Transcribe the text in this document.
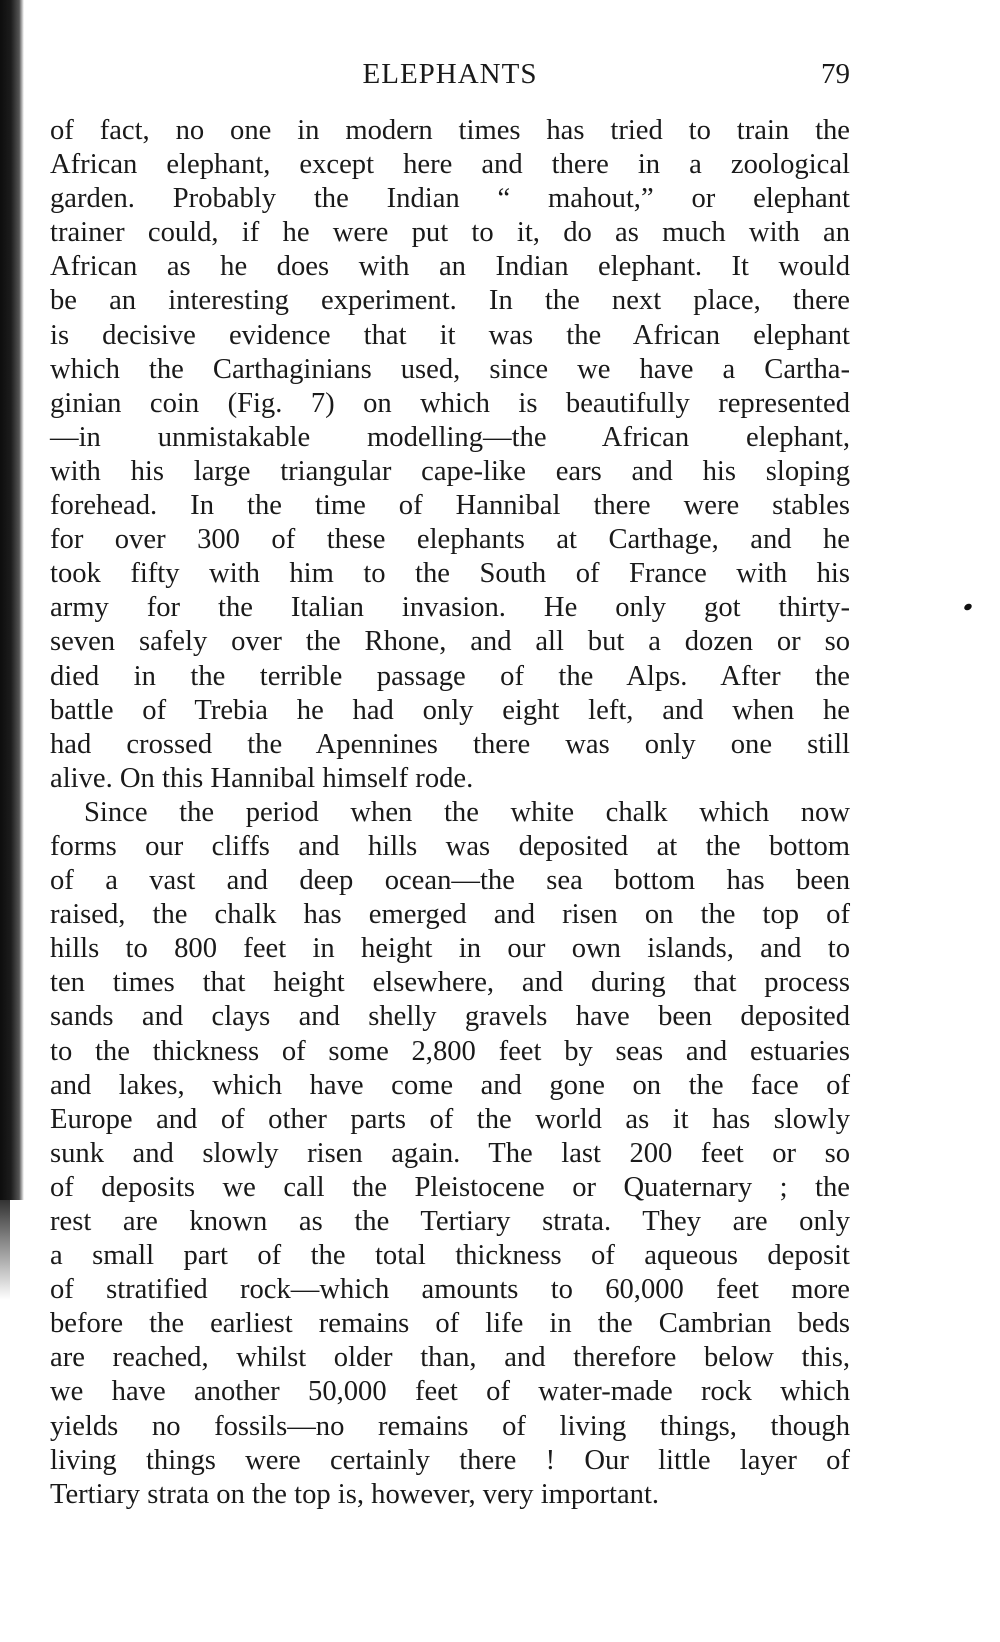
ELEPHANTS	79
of fact, no one in modern times has tried to train the
African elephant, except here and there in a zoological
garden. Probably the Indian “ mahout,” or elephant
trainer could, if he were put to it, do as much with an
African as he does with an Indian elephant. It would
be an interesting experiment. In the next place, there
is decisive evidence that it was the African elephant
which the Carthaginians used, since we have a Cartha-
ginian coin (Fig. 7) on which is beautifully represented
—in unmistakable modelling—the African elephant,
with his large triangular cape-like ears and his sloping
forehead. In the time of Hannibal there were stables
for over 300 of these elephants at Carthage, and he
took fifty with him to the South of France with his
army for the Italian invasion. He only got thirty-
seven safely over the Rhone, and all but a dozen or so
died in the terrible passage of the Alps. After the
battle of Trebia he had only eight left, and when he
had crossed the Apennines there was only one still
alive. On this Hannibal himself rode.
Since the period when the white chalk which now
forms our cliffs and hills was deposited at the bottom
of a vast and deep ocean—the sea bottom has been
raised, the chalk has emerged and risen on the top of
hills to 800 feet in height in our own islands, and to
ten times that height elsewhere, and during that process
sands and clays and shelly gravels have been deposited
to the thickness of some 2,800 feet by seas and estuaries
and lakes, which have come and gone on the face of
Europe and of other parts of the world as it has slowly
sunk and slowly risen again. The last 200 feet or so
of deposits we call the Pleistocene or Quaternary ; the
rest are known as the Tertiary strata. They are only
a small part of the total thickness of aqueous deposit
of stratified rock—which amounts to 60,000 feet more
before the earliest remains of life in the Cambrian beds
are reached, whilst older than, and therefore below this,
we have another 50,000 feet of water-made rock which
yields no fossils—no remains of living things, though
living things were certainly there ! Our little layer of
Tertiary strata on the top is, however, very important.
